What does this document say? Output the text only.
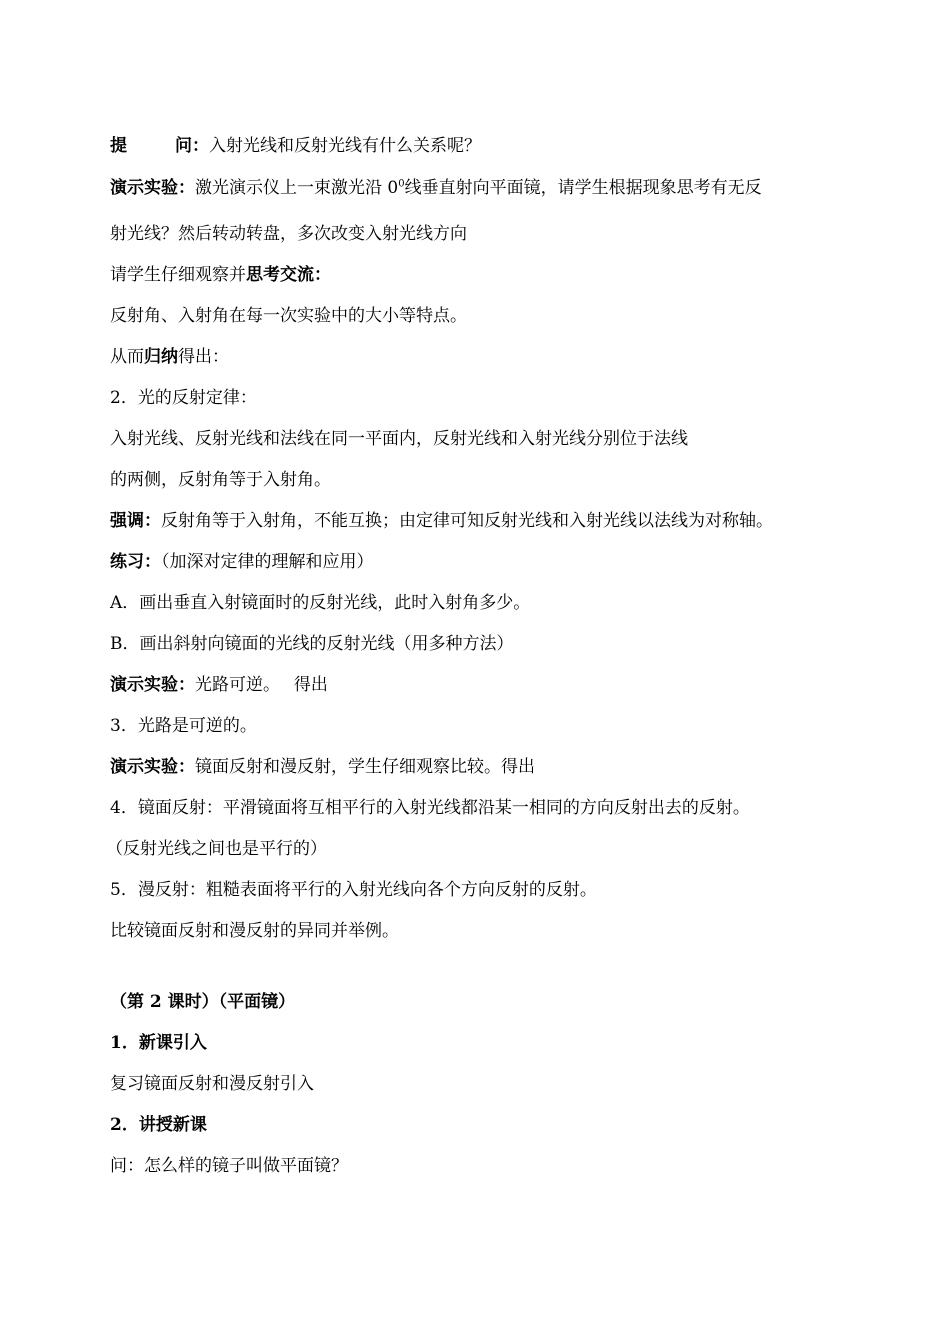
提	问：入射光线和反射光线有什么关系呢？
演示实验：激光演示仪上一束激光沿 $0^0$线垂直射向平面镜，请学生根据现象思考有无反
射光线？然后转动转盘，多次改变入射光线方向
请学生仔细观察并思考交流：
反射角、入射角在每一次实验中的大小等特点。
从而归纳得出：
2．光的反射定律：
入射光线、反射光线和法线在同一平面内，反射光线和入射光线分别位于法线
的两侧，反射角等于入射角。
强调：反射角等于入射角，不能互换；由定律可知反射光线和入射光线以法线为对称轴。
练习：（加深对定律的理解和应用）
A．画出垂直入射镜面时的反射光线，此时入射角多少。
B．画出斜射向镜面的光线的反射光线（用多种方法）
演示实验：光路可逆。　 得出
3．光路是可逆的。
演示实验：镜面反射和漫反射，学生仔细观察比较。得出
4．镜面反射：平滑镜面将互相平行的入射光线都沿某一相同的方向反射出去的反射。
（反射光线之间也是平行的）
5．漫反射：粗糙表面将平行的入射光线向各个方向反射的反射。
比较镜面反射和漫反射的异同并举例。
（第 2 课时）（平面镜）
1．新课引入
复习镜面反射和漫反射引入
2．讲授新课
问：怎么样的镜子叫做平面镜？
